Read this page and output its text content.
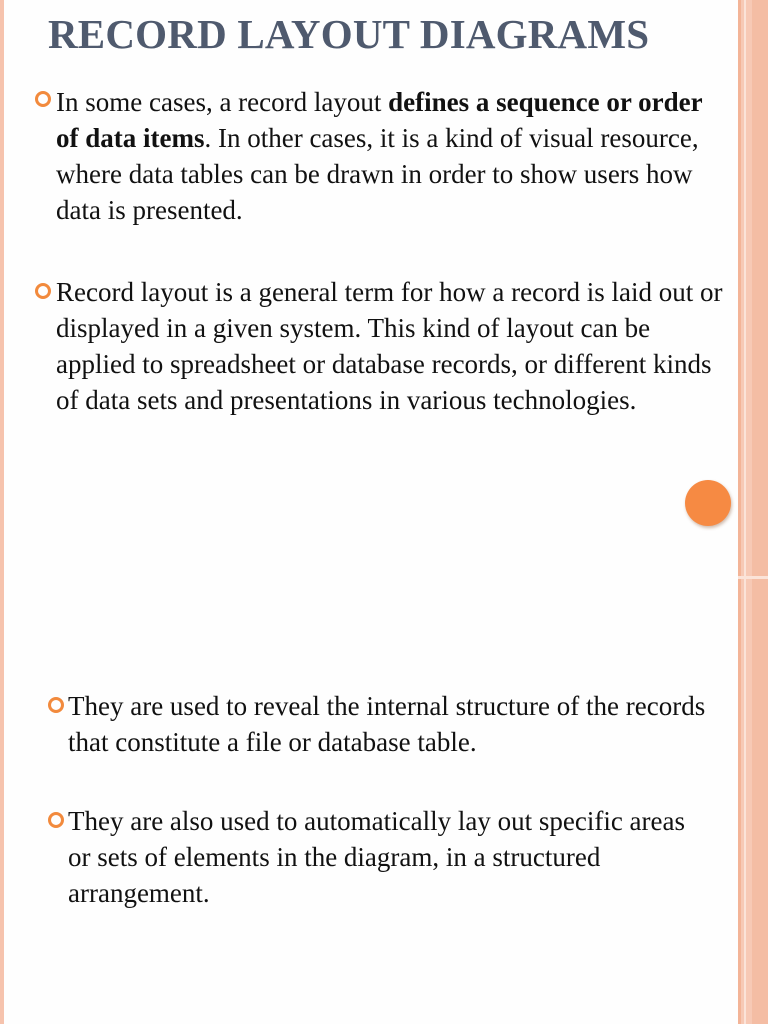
RECORD LAYOUT DIAGRAMS

In some cases, a record layout defines a sequence or order of data items. In other cases, it is a kind of visual resource, where data tables can be drawn in order to show users how data is presented.

Record layout is a general term for how a record is laid out or displayed in a given system. This kind of layout can be applied to spreadsheet or database records, or different kinds of data sets and presentations in various technologies.

They are used to reveal the internal structure of the records that constitute a file or database table.

They are also used to automatically lay out specific areas or sets of elements in the diagram, in a structured arrangement.
